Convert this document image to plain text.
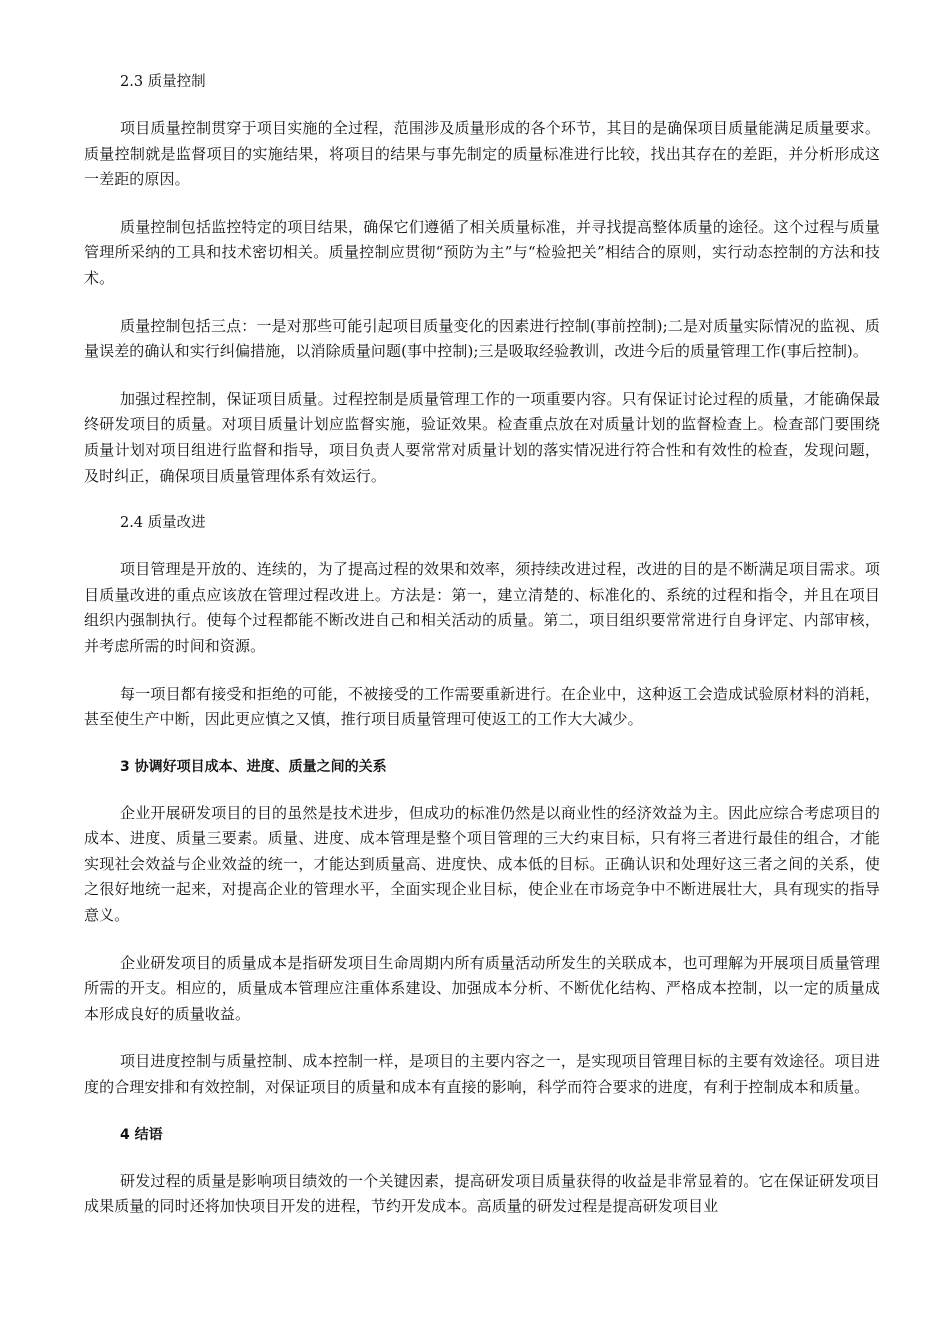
2.3 质量控制

项目质量控制贯穿于项目实施的全过程，范围涉及质量形成的各个环节，其目的是确保项目质量能满足质量要求。质量控制就是监督项目的实施结果，将项目的结果与事先制定的质量标准进行比较，找出其存在的差距，并分析形成这一差距的原因。

质量控制包括监控特定的项目结果，确保它们遵循了相关质量标准，并寻找提高整体质量的途径。这个过程与质量管理所采纳的工具和技术密切相关。质量控制应贯彻“预防为主”与“检验把关”相结合的原则，实行动态控制的方法和技术。

质量控制包括三点：一是对那些可能引起项目质量变化的因素进行控制(事前控制);二是对质量实际情况的监视、质量误差的确认和实行纠偏措施，以消除质量问题(事中控制);三是吸取经验教训，改进今后的质量管理工作(事后控制)。

加强过程控制，保证项目质量。过程控制是质量管理工作的一项重要内容。只有保证讨论过程的质量，才能确保最终研发项目的质量。对项目质量计划应监督实施，验证效果。检查重点放在对质量计划的监督检查上。检查部门要围绕质量计划对项目组进行监督和指导，项目负责人要常常对质量计划的落实情况进行符合性和有效性的检查，发现问题，及时纠正，确保项目质量管理体系有效运行。

2.4 质量改进

项目管理是开放的、连续的，为了提高过程的效果和效率，须持续改进过程，改进的目的是不断满足项目需求。项目质量改进的重点应该放在管理过程改进上。方法是：第一，建立清楚的、标准化的、系统的过程和指令，并且在项目组织内强制执行。使每个过程都能不断改进自己和相关活动的质量。第二，项目组织要常常进行自身评定、内部审核，并考虑所需的时间和资源。

每一项目都有接受和拒绝的可能，不被接受的工作需要重新进行。在企业中，这种返工会造成试验原材料的消耗，甚至使生产中断，因此更应慎之又慎，推行项目质量管理可使返工的工作大大减少。

3 协调好项目成本、进度、质量之间的关系

企业开展研发项目的目的虽然是技术进步，但成功的标准仍然是以商业性的经济效益为主。因此应综合考虑项目的成本、进度、质量三要素。质量、进度、成本管理是整个项目管理的三大约束目标，只有将三者进行最佳的组合，才能实现社会效益与企业效益的统一，才能达到质量高、进度快、成本低的目标。正确认识和处理好这三者之间的关系，使之很好地统一起来，对提高企业的管理水平，全面实现企业目标，使企业在市场竞争中不断进展壮大，具有现实的指导意义。

企业研发项目的质量成本是指研发项目生命周期内所有质量活动所发生的关联成本，也可理解为开展项目质量管理所需的开支。相应的，质量成本管理应注重体系建设、加强成本分析、不断优化结构、严格成本控制，以一定的质量成本形成良好的质量收益。

项目进度控制与质量控制、成本控制一样，是项目的主要内容之一，是实现项目管理目标的主要有效途径。项目进度的合理安排和有效控制，对保证项目的质量和成本有直接的影响，科学而符合要求的进度，有利于控制成本和质量。

4 结语

研发过程的质量是影响项目绩效的一个关键因素，提高研发项目质量获得的收益是非常显着的。它在保证研发项目成果质量的同时还将加快项目开发的进程，节约开发成本。高质量的研发过程是提高研发项目业
